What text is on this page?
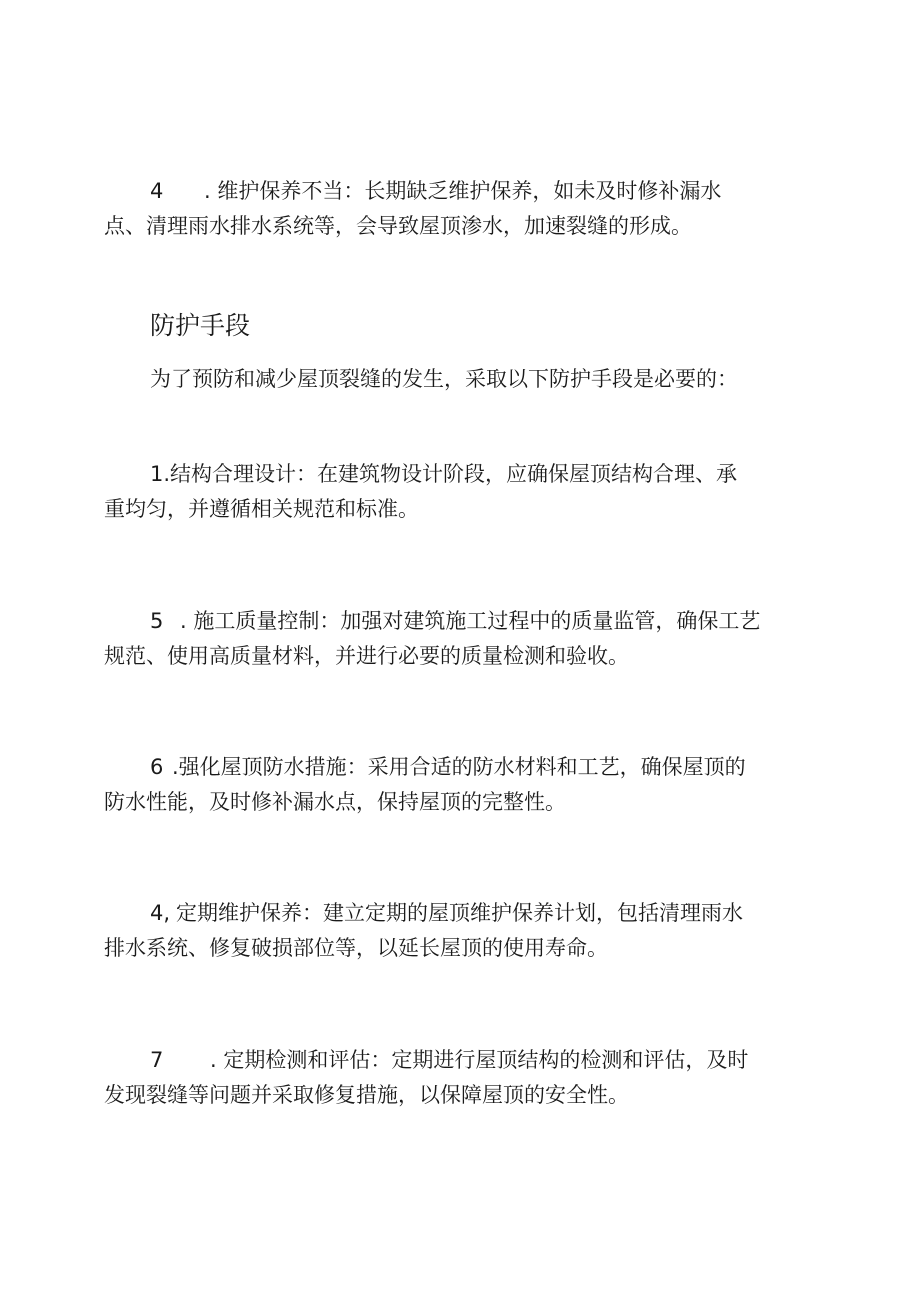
4 . 维护保养不当：长期缺乏维护保养，如未及时修补漏水
点、清理雨水排水系统等，会导致屋顶渗水，加速裂缝的形成。
防护手段
为了预防和减少屋顶裂缝的发生，采取以下防护手段是必要的：
1.结构合理设计：在建筑物设计阶段，应确保屋顶结构合理、承
重均匀，并遵循相关规范和标准。
5 . 施工质量控制：加强对建筑施工过程中的质量监管，确保工艺
规范、使用高质量材料，并进行必要的质量检测和验收。
6 .强化屋顶防水措施：采用合适的防水材料和工艺，确保屋顶的
防水性能，及时修补漏水点，保持屋顶的完整性。
4, 定期维护保养：建立定期的屋顶维护保养计划，包括清理雨水
排水系统、修复破损部位等，以延长屋顶的使用寿命。
7 . 定期检测和评估：定期进行屋顶结构的检测和评估，及时
发现裂缝等问题并采取修复措施，以保障屋顶的安全性。
